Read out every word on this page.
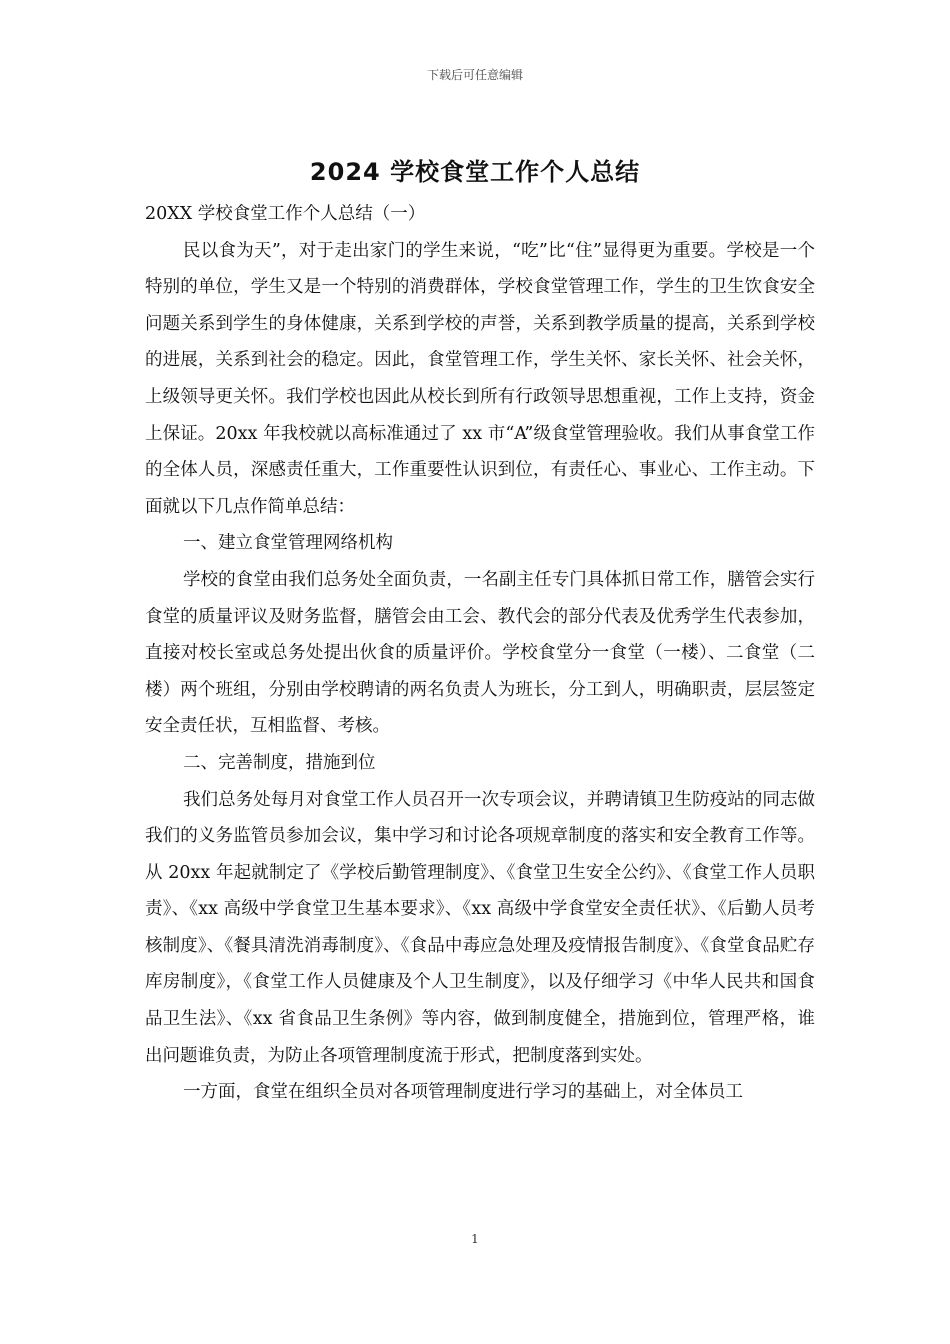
下载后可任意编辑
2024 学校食堂工作个人总结

20XX 学校食堂工作个人总结（一）

民以食为天”，对于走出家门的学生来说，“吃”比“住”显得更为重要。学校是一个特别的单位，学生又是一个特别的消费群体，学校食堂管理工作，学生的卫生饮食安全问题关系到学生的身体健康，关系到学校的声誉，关系到教学质量的提高，关系到学校的进展，关系到社会的稳定。因此，食堂管理工作，学生关怀、家长关怀、社会关怀，上级领导更关怀。我们学校也因此从校长到所有行政领导思想重视，工作上支持，资金上保证。20xx 年我校就以高标准通过了 xx 市“A”级食堂管理验收。我们从事食堂工作的全体人员，深感责任重大，工作重要性认识到位，有责任心、事业心、工作主动。下面就以下几点作简单总结：

一、建立食堂管理网络机构

学校的食堂由我们总务处全面负责，一名副主任专门具体抓日常工作，膳管会实行食堂的质量评议及财务监督，膳管会由工会、教代会的部分代表及优秀学生代表参加，直接对校长室或总务处提出伙食的质量评价。学校食堂分一食堂（一楼）、二食堂（二楼）两个班组，分别由学校聘请的两名负责人为班长，分工到人，明确职责，层层签定安全责任状，互相监督、考核。

二、完善制度，措施到位

我们总务处每月对食堂工作人员召开一次专项会议，并聘请镇卫生防疫站的同志做我们的义务监管员参加会议，集中学习和讨论各项规章制度的落实和安全教育工作等。从 20xx 年起就制定了《学校后勤管理制度》、《食堂卫生安全公约》、《食堂工作人员职责》、《xx 高级中学食堂卫生基本要求》、《xx 高级中学食堂安全责任状》、《后勤人员考核制度》、《餐具清洗消毒制度》、《食品中毒应急处理及疫情报告制度》、《食堂食品贮存库房制度》，《食堂工作人员健康及个人卫生制度》，以及仔细学习《中华人民共和国食品卫生法》、《xx 省食品卫生条例》等内容，做到制度健全，措施到位，管理严格，谁出问题谁负责，为防止各项管理制度流于形式，把制度落到实处。

一方面，食堂在组织全员对各项管理制度进行学习的基础上，对全体员工

1
